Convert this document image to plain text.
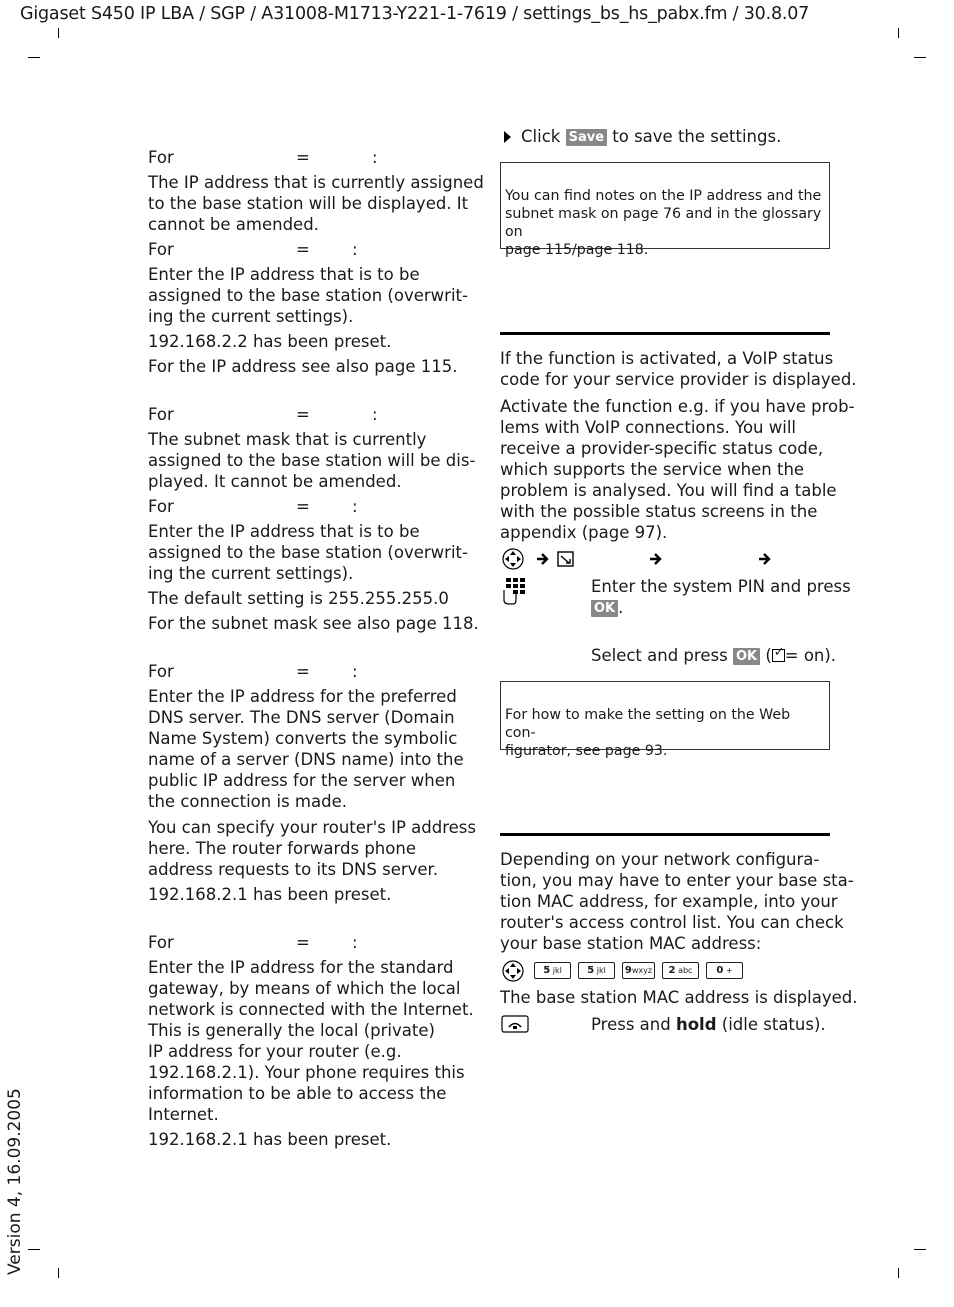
Gigaset S450 IP LBA / SGP / A31008-M1713-Y221-1-7619 / settings_bs_hs_pabx.fm / 30.8.07
Version 4, 16.09.2005
For	=	:
The IP address that is currently assigned
to the base station will be displayed. It
cannot be amended.
For	=	:
Enter the IP address that is to be
assigned to the base station (overwrit-
ing the current settings).
192.168.2.2 has been preset.
For the IP address see also page 115.
For	=	:
The subnet mask that is currently
assigned to the base station will be dis-
played. It cannot be amended.
For	=	:
Enter the IP address that is to be
assigned to the base station (overwrit-
ing the current settings).
The default setting is 255.255.255.0
For the subnet mask see also page 118.
For	=	:
Enter the IP address for the preferred
DNS server. The DNS server (Domain
Name System) converts the symbolic
name of a server (DNS name) into the
public IP address for the server when
the connection is made.
You can specify your router's IP address
here. The router forwards phone
address requests to its DNS server.
192.168.2.1 has been preset.
For	=	:
Enter the IP address for the standard
gateway, by means of which the local
network is connected with the Internet.
This is generally the local (private)
IP address for your router (e.g.
192.168.2.1). Your phone requires this
information to be able to access the
Internet.
192.168.2.1 has been preset.
Click Save to save the settings.
You can find notes on the IP address and the
subnet mask on page 76 and in the glossary on
page 115/page 118.
If the function is activated, a VoIP status
code for your service provider is displayed.
Activate the function e.g. if you have prob-
lems with VoIP connections. You will
receive a provider-specific status code,
which supports the service when the
problem is analysed. You will find a table
with the possible status screens in the
appendix (page 97).
Enter the system PIN and press
OK .
Select and press OK ( ✓ = on).
For how to make the setting on the Web con-
figurator, see page 93.
Depending on your network configura-
tion, you may have to enter your base sta-
tion MAC address, for example, into your
router's access control list. You can check
your base station MAC address:
5 jkl	5 jkl	9wxyz	2 abc	0 +
The base station MAC address is displayed.
Press and hold (idle status).
